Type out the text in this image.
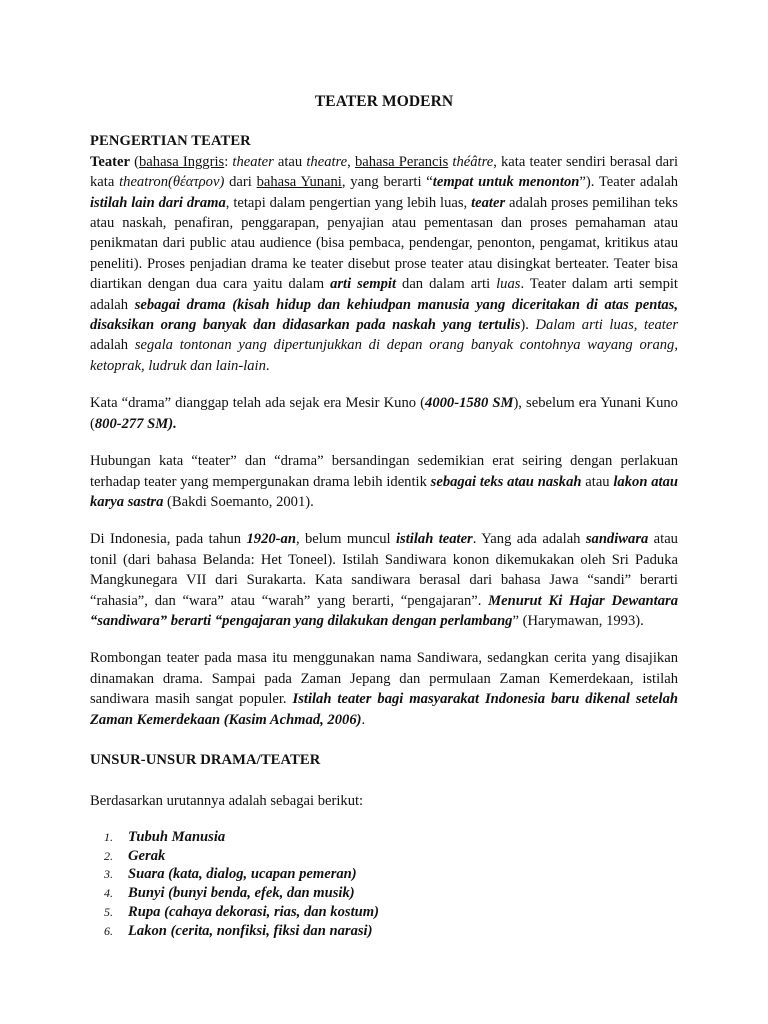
TEATER MODERN
PENGERTIAN TEATER

Teater (bahasa Inggris: theater atau theatre, bahasa Perancis théâtre, kata teater sendiri berasal dari kata theatron(θέατρον) dari bahasa Yunani, yang berarti “tempat untuk menonton”). Teater adalah istilah lain dari drama, tetapi dalam pengertian yang lebih luas, teater adalah proses pemilihan teks atau naskah, penafiran, penggarapan, penyajian atau pementasan dan proses pemahaman atau penikmatan dari public atau audience (bisa pembaca, pendengar, penonton, pengamat, kritikus atau peneliti). Proses penjadian drama ke teater disebut prose teater atau disingkat berteater. Teater bisa diartikan dengan dua cara yaitu dalam arti sempit dan dalam arti luas. Teater dalam arti sempit adalah sebagai drama (kisah hidup dan kehiudpan manusia yang diceritakan di atas pentas, disaksikan orang banyak dan didasarkan pada naskah yang tertulis). Dalam arti luas, teater adalah segala tontonan yang dipertunjukkan di depan orang banyak contohnya wayang orang, ketoprak, ludruk dan lain-lain.

Kata “drama” dianggap telah ada sejak era Mesir Kuno (4000-1580 SM), sebelum era Yunani Kuno (800-277 SM).

Hubungan kata “teater” dan “drama” bersandingan sedemikian erat seiring dengan perlakuan terhadap teater yang mempergunakan drama lebih identik sebagai teks atau naskah atau lakon atau karya sastra (Bakdi Soemanto, 2001).

Di Indonesia, pada tahun 1920-an, belum muncul istilah teater. Yang ada adalah sandiwara atau tonil (dari bahasa Belanda: Het Toneel). Istilah Sandiwara konon dikemukakan oleh Sri Paduka Mangkunegara VII dari Surakarta. Kata sandiwara berasal dari bahasa Jawa “sandi” berarti “rahasia”, dan “wara” atau “warah” yang berarti, “pengajaran”. Menurut Ki Hajar Dewantara “sandiwara” berarti “pengajaran yang dilakukan dengan perlambang” (Harymawan, 1993).

Rombongan teater pada masa itu menggunakan nama Sandiwara, sedangkan cerita yang disajikan dinamakan drama. Sampai pada Zaman Jepang dan permulaan Zaman Kemerdekaan, istilah sandiwara masih sangat populer. Istilah teater bagi masyarakat Indonesia baru dikenal setelah Zaman Kemerdekaan (Kasim Achmad, 2006).

UNSUR-UNSUR DRAMA/TEATER
Berdasarkan urutannya adalah sebagai berikut:
1. Tubuh Manusia
2. Gerak
3. Suara (kata, dialog, ucapan pemeran)
4. Bunyi (bunyi benda, efek, dan musik)
5. Rupa (cahaya dekorasi, rias, dan kostum)
6. Lakon (cerita, nonfiksi, fiksi dan narasi)
